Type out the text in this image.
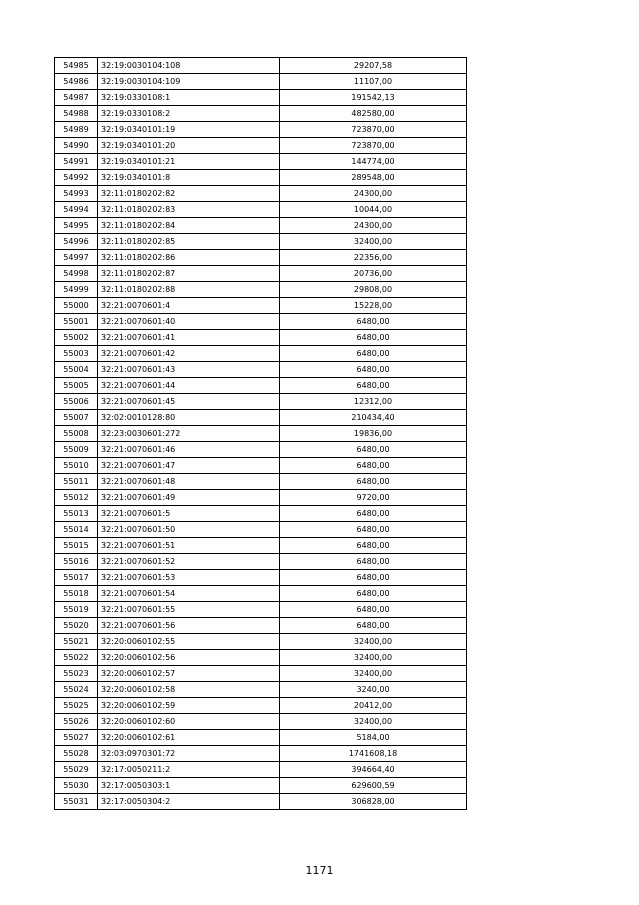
54985	32:19:0030104:108	29207,58
54986	32:19:0030104:109	11107,00
54987	32:19:0330108:1	191542,13
54988	32:19:0330108:2	482580,00
54989	32:19:0340101:19	723870,00
54990	32:19:0340101:20	723870,00
54991	32:19:0340101:21	144774,00
54992	32:19:0340101:8	289548,00
54993	32:11:0180202:82	24300,00
54994	32:11:0180202:83	10044,00
54995	32:11:0180202:84	24300,00
54996	32:11:0180202:85	32400,00
54997	32:11:0180202:86	22356,00
54998	32:11:0180202:87	20736,00
54999	32:11:0180202:88	29808,00
55000	32:21:0070601:4	15228,00
55001	32:21:0070601:40	6480,00
55002	32:21:0070601:41	6480,00
55003	32:21:0070601:42	6480,00
55004	32:21:0070601:43	6480,00
55005	32:21:0070601:44	6480,00
55006	32:21:0070601:45	12312,00
55007	32:02:0010128:80	210434,40
55008	32:23:0030601:272	19836,00
55009	32:21:0070601:46	6480,00
55010	32:21:0070601:47	6480,00
55011	32:21:0070601:48	6480,00
55012	32:21:0070601:49	9720,00
55013	32:21:0070601:5	6480,00
55014	32:21:0070601:50	6480,00
55015	32:21:0070601:51	6480,00
55016	32:21:0070601:52	6480,00
55017	32:21:0070601:53	6480,00
55018	32:21:0070601:54	6480,00
55019	32:21:0070601:55	6480,00
55020	32:21:0070601:56	6480,00
55021	32:20:0060102:55	32400,00
55022	32:20:0060102:56	32400,00
55023	32:20:0060102:57	32400,00
55024	32:20:0060102:58	3240,00
55025	32:20:0060102:59	20412,00
55026	32:20:0060102:60	32400,00
55027	32:20:0060102:61	5184,00
55028	32:03:0970301:72	1741608,18
55029	32:17:0050211:2	394664,40
55030	32:17:0050303:1	629600,59
55031	32:17:0050304:2	306828,00
1171
